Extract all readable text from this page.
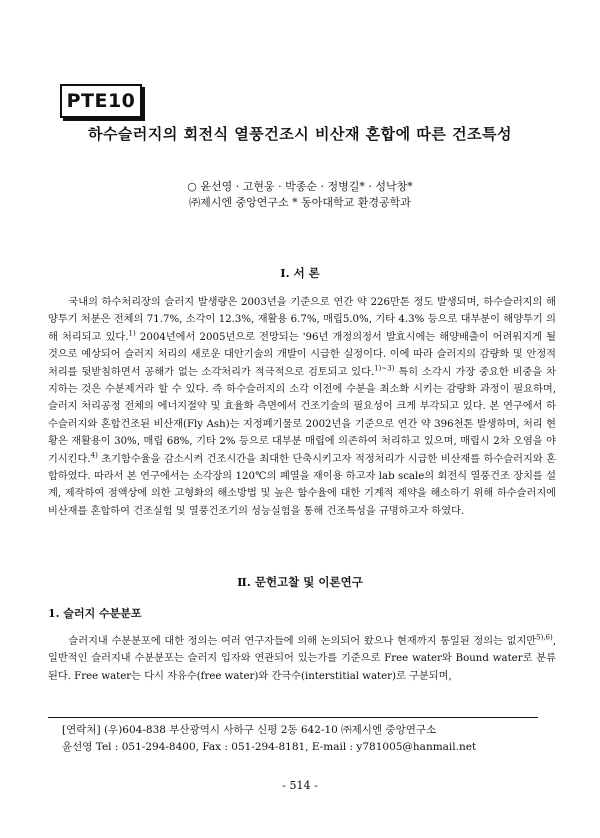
PTE10
하수슬러지의 회전식 열풍건조시 비산재 혼합에 따른 건조특성
○ 윤선영 · 고현웅 · 박종순 · 정병길* · 성낙창*
㈜제시엔 중앙연구소 * 동아대학교 환경공학과
Ⅰ. 서 론

국내의 하수처리장의 슬러지 발생량은 2003년을 기준으로 연간 약 226만톤 정도 발생되며, 하수슬러지의 해양투기 처분은 전체의 71.7%, 소각이 12.3%, 재활용 6.7%, 매립5.0%, 기타 4.3% 등으로 대부분이 해양투기 의해 처리되고 있다.$^{1)}$ 2004년에서 2005년으로 전망되는 '96년 개정의정서 발효시에는 해양배출이 어려워지게 될 것으로 예상되어 슬러지 처리의 새로운 대안기술의 개발이 시급한 실정이다. 이에 따라 슬러지의 감량화 및 안정적 처리를 뒷받침하면서 공해가 없는 소각처리가 적극적으로 검토되고 있다.$^{1)\sim 3)}$ 특히 소각시 가장 중요한 비중을 차지하는 것은 수분제거라 할 수 있다. 즉 하수슬러지의 소각 이전에 수분을 최소화 시키는 감량화 과정이 필요하며, 슬러지 처리공정 전체의 에너지절약 및 효율화 측면에서 건조기술의 필요성이 크게 부각되고 있다. 본 연구에서 하수슬러지와 혼합건조된 비산재(Fly Ash)는 지정폐기물로 2002년을 기준으로 연간 약 396천톤 발생하며, 처리 현황은 재활용이 30%, 매립 68%, 기타 2% 등으로 대부분 매립에 의존하여 처리하고 있으며, 매립시 2차 오염을 야기시킨다.$^{4)}$ 초기함수율을 감소시켜 건조시간을 최대한 단축시키고자 적정처리가 시급한 비산재를 하수슬러지와 혼합하였다. 따라서 본 연구에서는 소각장의 120℃의 폐열을 재이용 하고자 lab scale의 회전식 열풍건조 장치를 설계, 제작하여 점액상에 의한 고형화의 해소방법 및 높은 함수율에 대한 기계적 제약을 해소하기 위해 하수슬러지에 비산재를 혼합하여 건조실험 및 열풍건조기의 성능실험을 통해 건조특성을 규명하고자 하였다.

Ⅱ. 문헌고찰 및 이론연구
1. 슬러지 수분분포

슬러지내 수분분포에 대한 정의는 여러 연구자들에 의해 논의되어 왔으나 현재까지 통일된 정의는 없지만$^{5),6)}$, 일반적인 슬러지내 수분분포는 슬러지 입자와 연관되어 있는가를 기준으로 Free water와 Bound water로 분류된다. Free water는 다시 자유수(free water)와 간극수(interstitial water)로 구분되며,

[연락처] (우)604-838 부산광역시 사하구 신평 2동 642-10 ㈜제시엔 중앙연구소
윤선영 Tel : 051-294-8400, Fax : 051-294-8181, E-mail : y781005@hanmail.net
- 514 -
